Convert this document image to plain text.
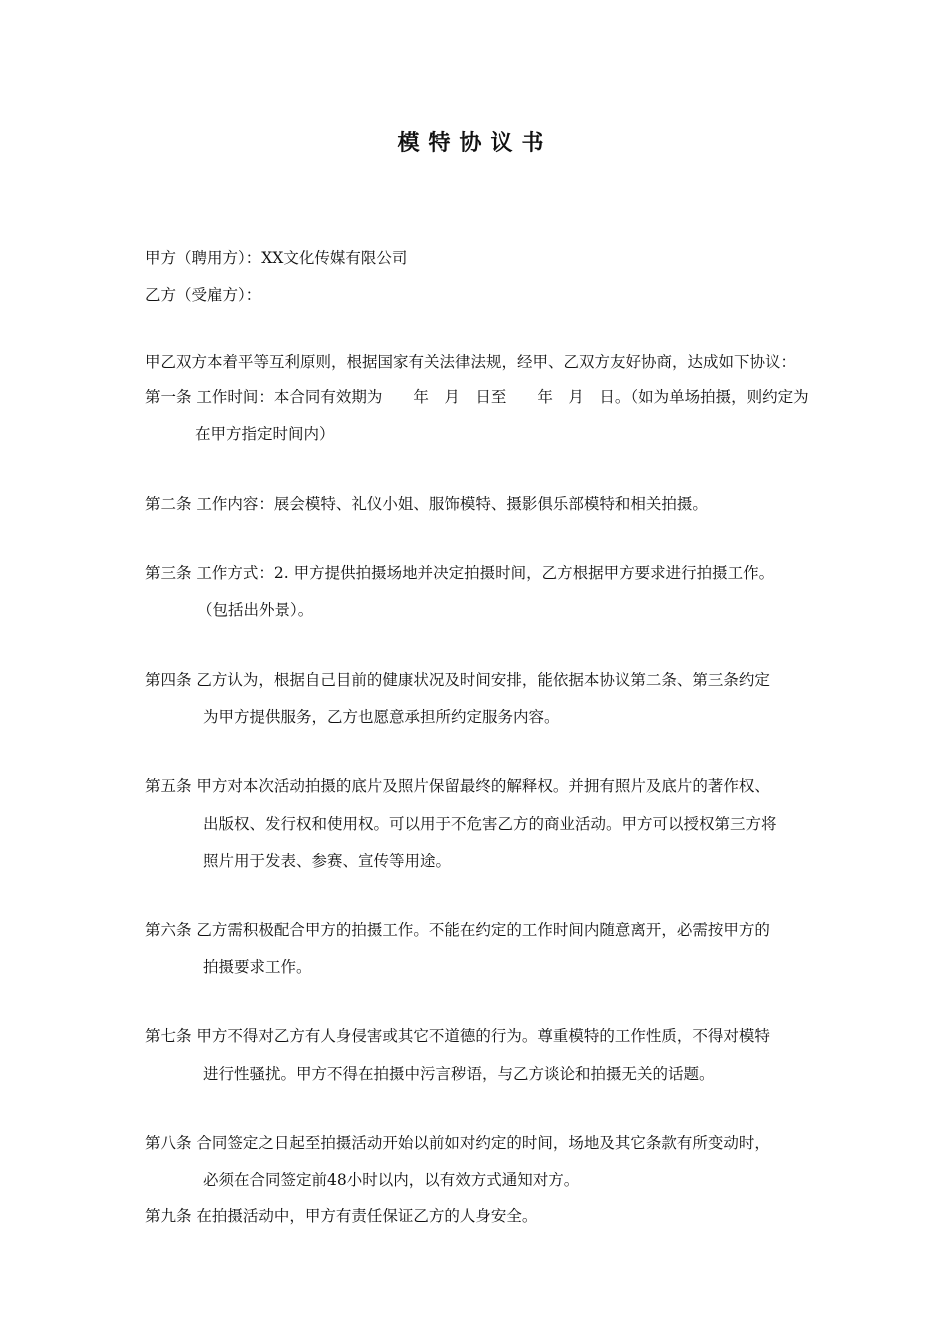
模特协议书
甲方（聘用方）：XX文化传媒有限公司
乙方（受雇方）：
甲乙双方本着平等互利原则，根据国家有关法律法规，经甲、乙双方友好协商，达成如下协议：
第一条 工作时间：本合同有效期为　　年　月　日至　　年　月　日。（如为单场拍摄，则约定为
在甲方指定时间内）
第二条 工作内容：展会模特、礼仪小姐、服饰模特、摄影俱乐部模特和相关拍摄。
第三条 工作方式：2. 甲方提供拍摄场地并决定拍摄时间，乙方根据甲方要求进行拍摄工作。
（包括出外景）。
第四条 乙方认为，根据自己目前的健康状况及时间安排，能依据本协议第二条、第三条约定
为甲方提供服务，乙方也愿意承担所约定服务内容。
第五条 甲方对本次活动拍摄的底片及照片保留最终的解释权。并拥有照片及底片的著作权、
出版权、发行权和使用权。可以用于不危害乙方的商业活动。甲方可以授权第三方将
照片用于发表、参赛、宣传等用途。
第六条 乙方需积极配合甲方的拍摄工作。不能在约定的工作时间内随意离开，必需按甲方的
拍摄要求工作。
第七条 甲方不得对乙方有人身侵害或其它不道德的行为。尊重模特的工作性质，不得对模特
进行性骚扰。甲方不得在拍摄中污言秽语，与乙方谈论和拍摄无关的话题。
第八条 合同签定之日起至拍摄活动开始以前如对约定的时间，场地及其它条款有所变动时，
必须在合同签定前48小时以内，以有效方式通知对方。
第九条 在拍摄活动中，甲方有责任保证乙方的人身安全。
